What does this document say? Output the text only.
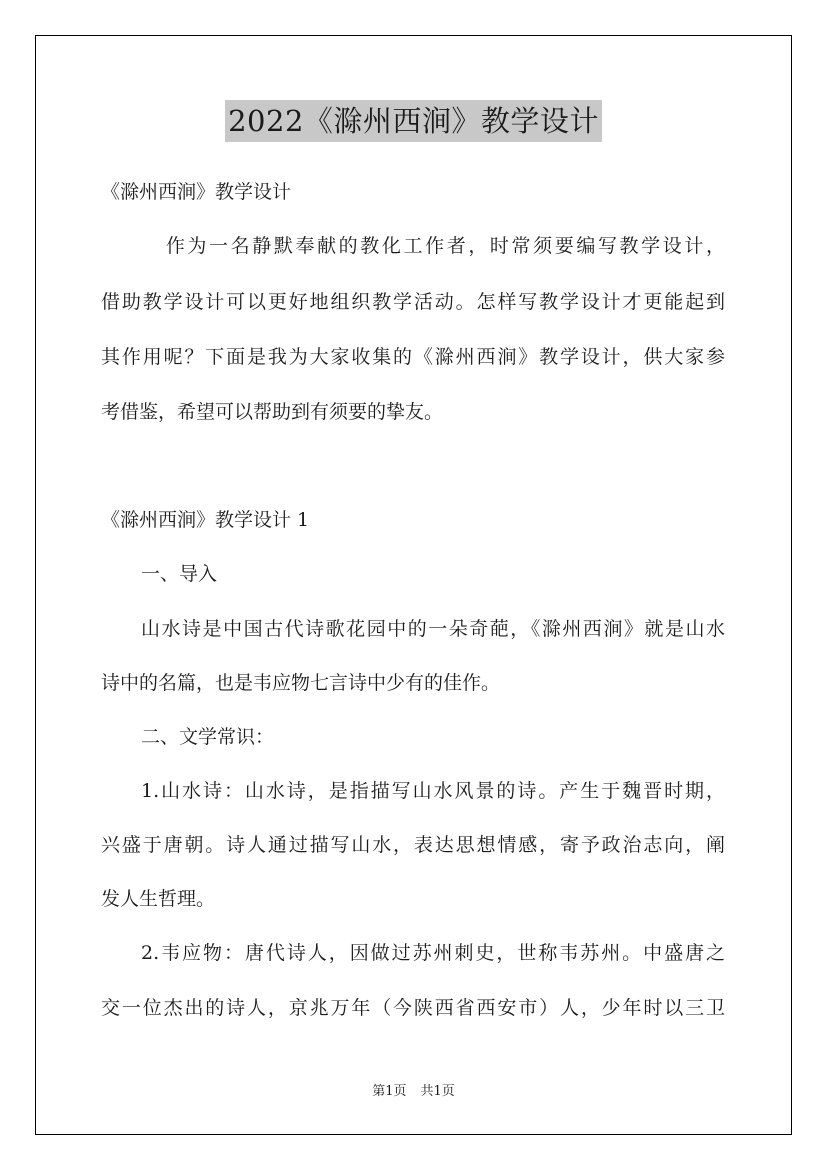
2022《滁州西涧》教学设计
《滁州西涧》教学设计
　　　作为一名静默奉献的教化工作者，时常须要编写教学设计，
借助教学设计可以更好地组织教学活动。怎样写教学设计才更能起到
其作用呢？下面是我为大家收集的《滁州西涧》教学设计，供大家参
考借鉴，希望可以帮助到有须要的挚友。
《滁州西涧》教学设计 1
一、导入
山水诗是中国古代诗歌花园中的一朵奇葩，《滁州西涧》就是山水
诗中的名篇，也是韦应物七言诗中少有的佳作。
二、文学常识：
1.山水诗：山水诗，是指描写山水风景的诗。产生于魏晋时期，
兴盛于唐朝。诗人通过描写山水，表达思想情感，寄予政治志向，阐
发人生哲理。
2.韦应物：唐代诗人，因做过苏州刺史，世称韦苏州。中盛唐之
交一位杰出的诗人，京兆万年（今陕西省西安市）人，少年时以三卫
第1页 共1页
